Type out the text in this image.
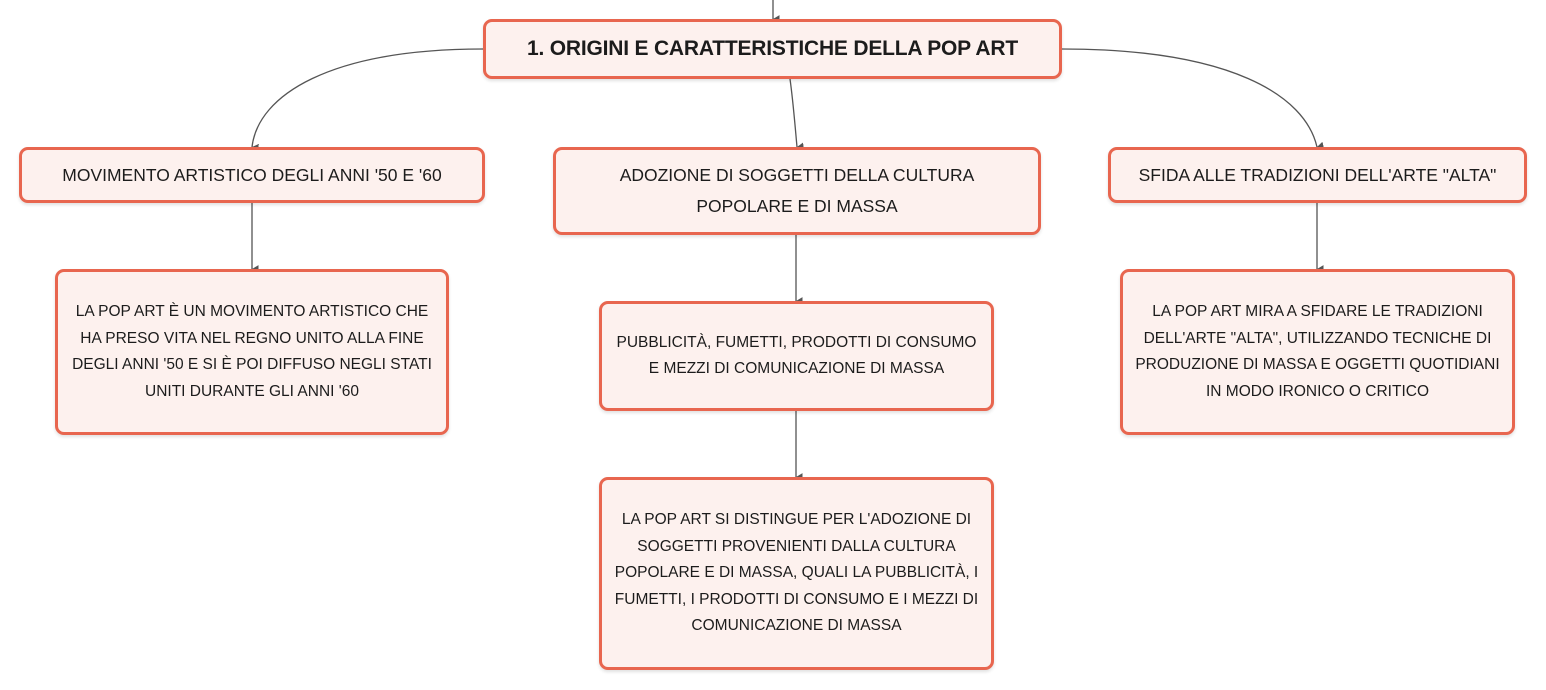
1. ORIGINI E CARATTERISTICHE DELLA POP ART
MOVIMENTO ARTISTICO DEGLI ANNI '50 E '60	ADOZIONE DI SOGGETTI DELLA CULTURA POPOLARE E DI MASSA
SFIDA ALLE TRADIZIONI DELL'ARTE "ALTA"
LA POP ART È UN MOVIMENTO ARTISTICO CHE HA PRESO VITA NEL REGNO UNITO ALLA FINE DEGLI ANNI '50 E SI È POI DIFFUSO NEGLI STATI UNITI DURANTE GLI ANNI '60
PUBBLICITÀ, FUMETTI, PRODOTTI DI CONSUMO E MEZZI DI COMUNICAZIONE DI MASSA
LA POP ART SI DISTINGUE PER L'ADOZIONE DI SOGGETTI PROVENIENTI DALLA CULTURA POPOLARE E DI MASSA, QUALI LA PUBBLICITÀ, I FUMETTI, I PRODOTTI DI CONSUMO E I MEZZI DI COMUNICAZIONE DI MASSA
LA POP ART MIRA A SFIDARE LE TRADIZIONI DELL'ARTE "ALTA", UTILIZZANDO TECNICHE DI PRODUZIONE DI MASSA E OGGETTI QUOTIDIANI IN MODO IRONICO O CRITICO
